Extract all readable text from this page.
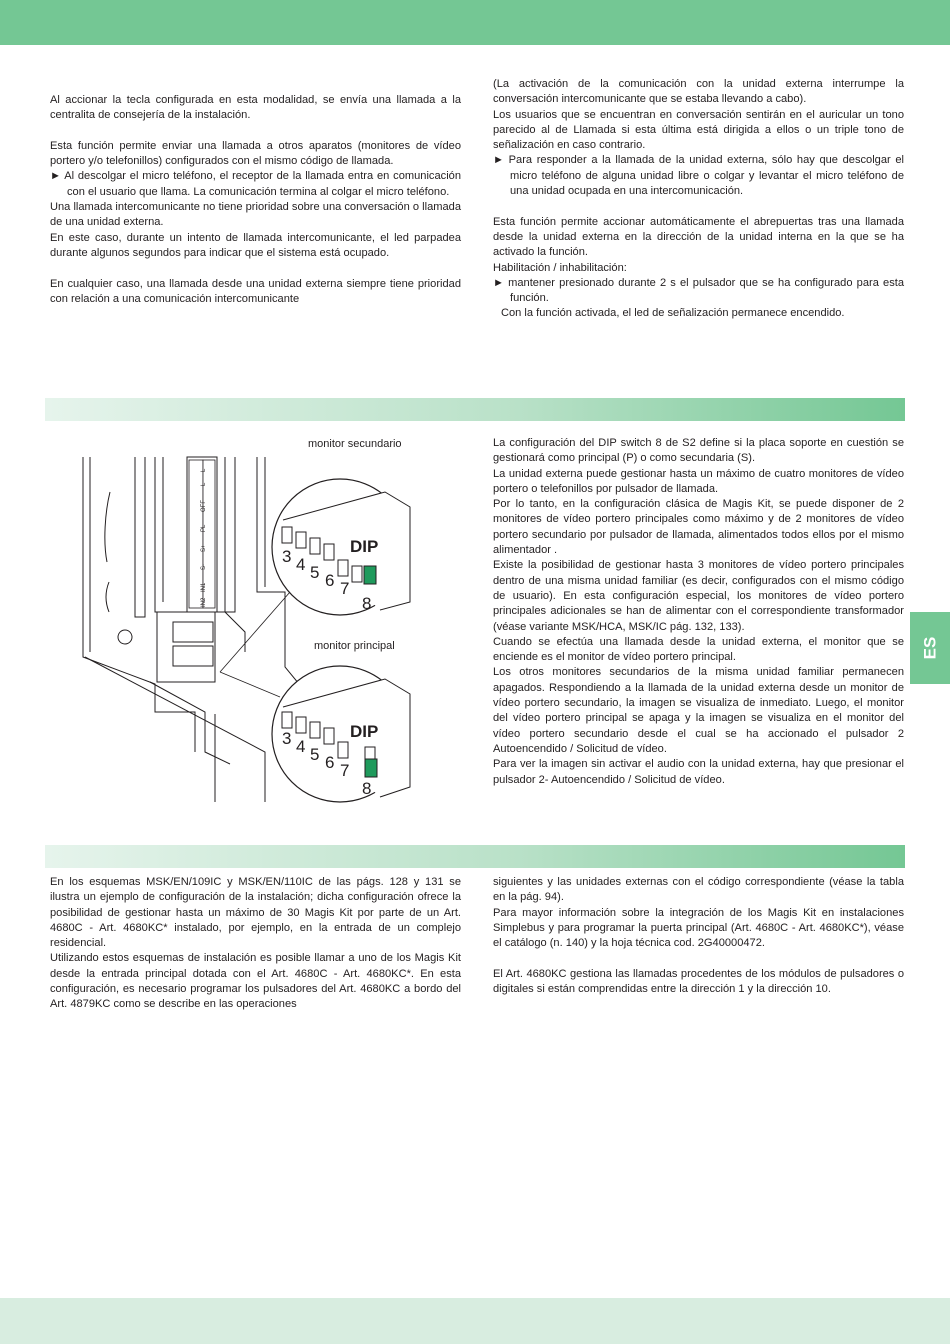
Al accionar la tecla configurada en esta modalidad, se envía una llamada a la centralita de consejería de la instalación.

Esta función permite enviar una llamada a otros aparatos (monitores de vídeo portero y/o telefonillos) configurados con el mismo código de llamada.

► Al descolgar el micro teléfono, el receptor de la llamada entra en comunicación con el usuario que llama. La comunicación termina al colgar el micro teléfono.

Una llamada intercomunicante no tiene prioridad sobre una conversación o llamada de una unidad externa.

En este caso, durante un intento de llamada intercomunicante, el led parpadea durante algunos segundos para indicar que el sistema está ocupado.

En cualquier caso, una llamada desde una unidad externa siempre tiene prioridad con relación a una comunicación intercomunicante

(La activación de la comunicación con la unidad externa interrumpe la conversación intercomunicante que se estaba llevando a cabo).

Los usuarios que se encuentran en conversación sentirán en el auricular un tono parecido al de Llamada si esta última está dirigida a ellos o un triple tono de señalización en caso contrario.

► Para responder a la llamada de la unidad externa, sólo hay que descolgar el micro teléfono de alguna unidad libre o colgar y levantar el micro teléfono de una unidad ocupada en una intercomunicación.

Esta función permite accionar automáticamente el abrepuertas tras una llamada desde la unidad externa en la dirección de la unidad interna en la que se ha activado la función.

Habilitación / inhabilitación:

► mantener presionado durante 2 s el pulsador que se ha configurado para esta función.

Con la función activada, el led de señalización permanece encendido.

monitor secundario
monitor principal
L
L
OFF
PL
S+
S-
IN1
IN2
3 4 5 6 7
8
DIP
3 4 5 6 7
8
DIP

La configuración del DIP switch 8 de S2 define si la placa soporte en cuestión se gestionará como principal (P) o como secundaria (S).

La unidad externa puede gestionar hasta un máximo de cuatro monitores de vídeo portero o telefonillos por pulsador de llamada.

Por lo tanto, en la configuración clásica de Magis Kit, se puede disponer de 2 monitores de vídeo portero principales como máximo y de 2 monitores de vídeo portero secundario por pulsador de llamada, alimentados todos ellos por el mismo alimentador .

Existe la posibilidad de gestionar hasta 3 monitores de vídeo portero principales dentro de una misma unidad familiar (es decir, configurados con el mismo código de usuario). En esta configuración especial, los monitores de vídeo portero principales adicionales se han de alimentar con el correspondiente transformador (véase variante MSK/HCA, MSK/IC pág. 132, 133).

Cuando se efectúa una llamada desde la unidad externa, el monitor que se enciende es el monitor de vídeo portero principal.

Los otros monitores secundarios de la misma unidad familiar permanecen apagados. Respondiendo a la llamada de la unidad externa desde un monitor de vídeo portero secundario, la imagen se visualiza de inmediato. Luego, el monitor del vídeo portero principal se apaga y la imagen se visualiza en el monitor del vídeo portero secundario desde el cual se ha accionado el pulsador 2 Autoencendido / Solicitud de vídeo.

Para ver la imagen sin activar el audio con la unidad externa, hay que presionar el pulsador 2- Autoencendido / Solicitud de vídeo.

ES

En los esquemas MSK/EN/109IC y MSK/EN/110IC de las págs. 128 y 131 se ilustra un ejemplo de configuración de la instalación; dicha configuración ofrece la posibilidad de gestionar hasta un máximo de 30 Magis Kit por parte de un Art. 4680C - Art. 4680KC* instalado, por ejemplo, en la entrada de un complejo residencial.

Utilizando estos esquemas de instalación es posible llamar a uno de los Magis Kit desde la entrada principal dotada con el Art. 4680C - Art. 4680KC*. En esta configuración, es necesario programar los pulsadores del Art. 4680KC a bordo del Art. 4879KC como se describe en las operaciones

siguientes y las unidades externas con el código correspondiente (véase la tabla en la pág. 94).

Para mayor información sobre la integración de los Magis Kit en instalaciones Simplebus y para programar la puerta principal (Art. 4680C - Art. 4680KC*), véase el catálogo (n. 140) y la hoja técnica cod. 2G40000472.

El Art. 4680KC gestiona las llamadas procedentes de los módulos de pulsadores o digitales si están comprendidas entre la dirección 1 y la dirección 10.
